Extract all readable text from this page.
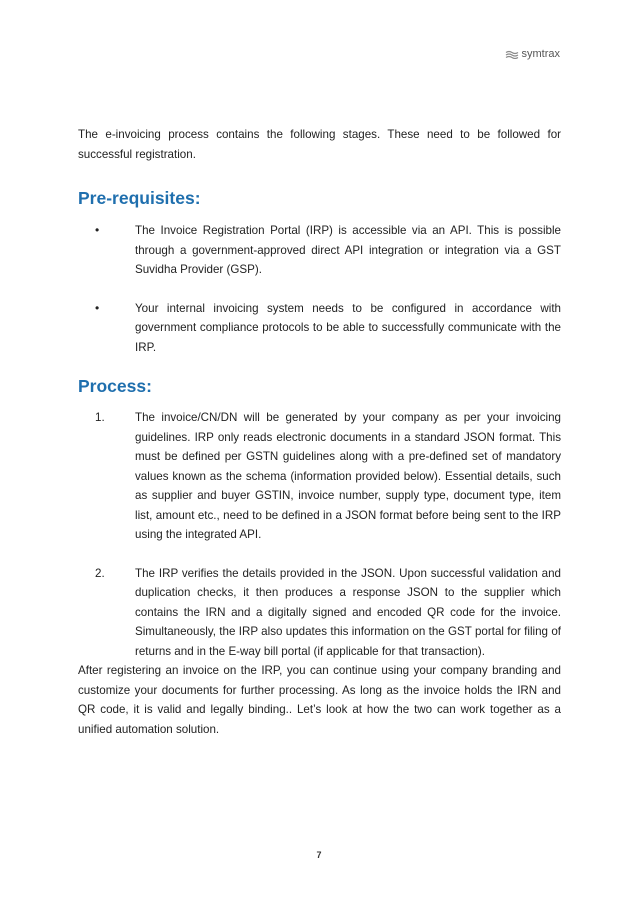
symtrax

The e-invoicing process contains the following stages. These need to be followed for successful registration.

Pre-requisites:
•	The Invoice Registration Portal (IRP) is accessible via an API. This is possible through a government-approved direct API integration or integration via a GST Suvidha Provider (GSP).

•	Your internal invoicing system needs to be configured in accordance with government compliance protocols to be able to successfully communicate with the IRP.

Process:
1.	The invoice/CN/DN will be generated by your company as per your invoicing guidelines. IRP only reads electronic documents in a standard JSON format. This must be defined per GSTN guidelines along with a pre-defined set of mandatory values known as the schema (information provided below). Essential details, such as supplier and buyer GSTIN, invoice number, supply type, document type, item list, amount etc., need to be defined in a JSON format before being sent to the IRP using the integrated API.

2.	The IRP verifies the details provided in the JSON. Upon successful validation and duplication checks, it then produces a response JSON to the supplier which contains the IRN and a digitally signed and encoded QR code for the invoice. Simultaneously, the IRP also updates this information on the GST portal for filing of returns and in the E-way bill portal (if applicable for that transaction).

After registering an invoice on the IRP, you can continue using your company branding and customize your documents for further processing. As long as the invoice holds the IRN and QR code, it is valid and legally binding.. Let’s look at how the two can work together as a unified automation solution.

7
